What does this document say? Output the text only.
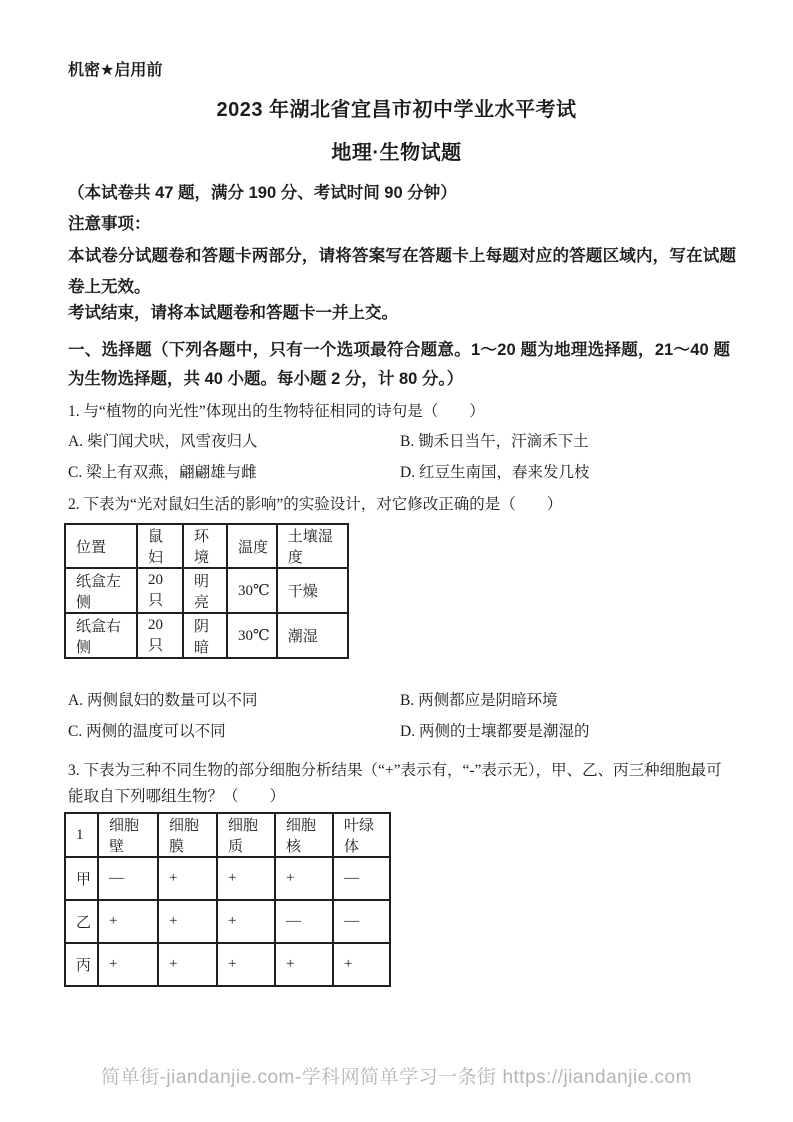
机密★启用前
2023 年湖北省宜昌市初中学业水平考试
地理·生物试题
（本试卷共 47 题，满分 190 分、考试时间 90 分钟）
注意事项：
本试卷分试题卷和答题卡两部分，请将答案写在答题卡上每题对应的答题区域内，写在试题卷上无效。
考试结束，请将本试题卷和答题卡一并上交。
一、选择题（下列各题中，只有一个选项最符合题意。1～20 题为地理选择题，21～40 题为生物选择题，共 40 小题。每小题 2 分，计 80 分。）
1. 与“植物的向光性”体现出的生物特征相同的诗句是（　　）
A. 柴门闻犬吠，风雪夜归人	B. 锄禾日当午，汗滴禾下土
C. 梁上有双燕，翩翩雄与雌	D. 红豆生南国，春来发几枝
2. 下表为“光对鼠妇生活的影响”的实验设计，对它修改正确的是（　　）
位置	鼠妇	环境	温度	土壤湿度
纸盒左侧	20 只	明亮	30℃	干燥
纸盒右侧	20 只	阴暗	30℃	潮湿
A. 两侧鼠妇的数量可以不同	B. 两侧都应是阴暗环境
C. 两侧的温度可以不同	D. 两侧的士壤都要是潮湿的
3. 下表为三种不同生物的部分细胞分析结果（“+”表示有，“-”表示无），甲、乙、丙三种细胞最可能取自下列哪组生物？（　　）
1	细胞壁	细胞膜	细胞质	细胞核	叶绿体
甲	—	+	+	+	—
乙	+	+	+	—	—
丙	+	+	+	+	+
简单街-jiandanjie.com-学科网简单学习一条街 https://jiandanjie.com
